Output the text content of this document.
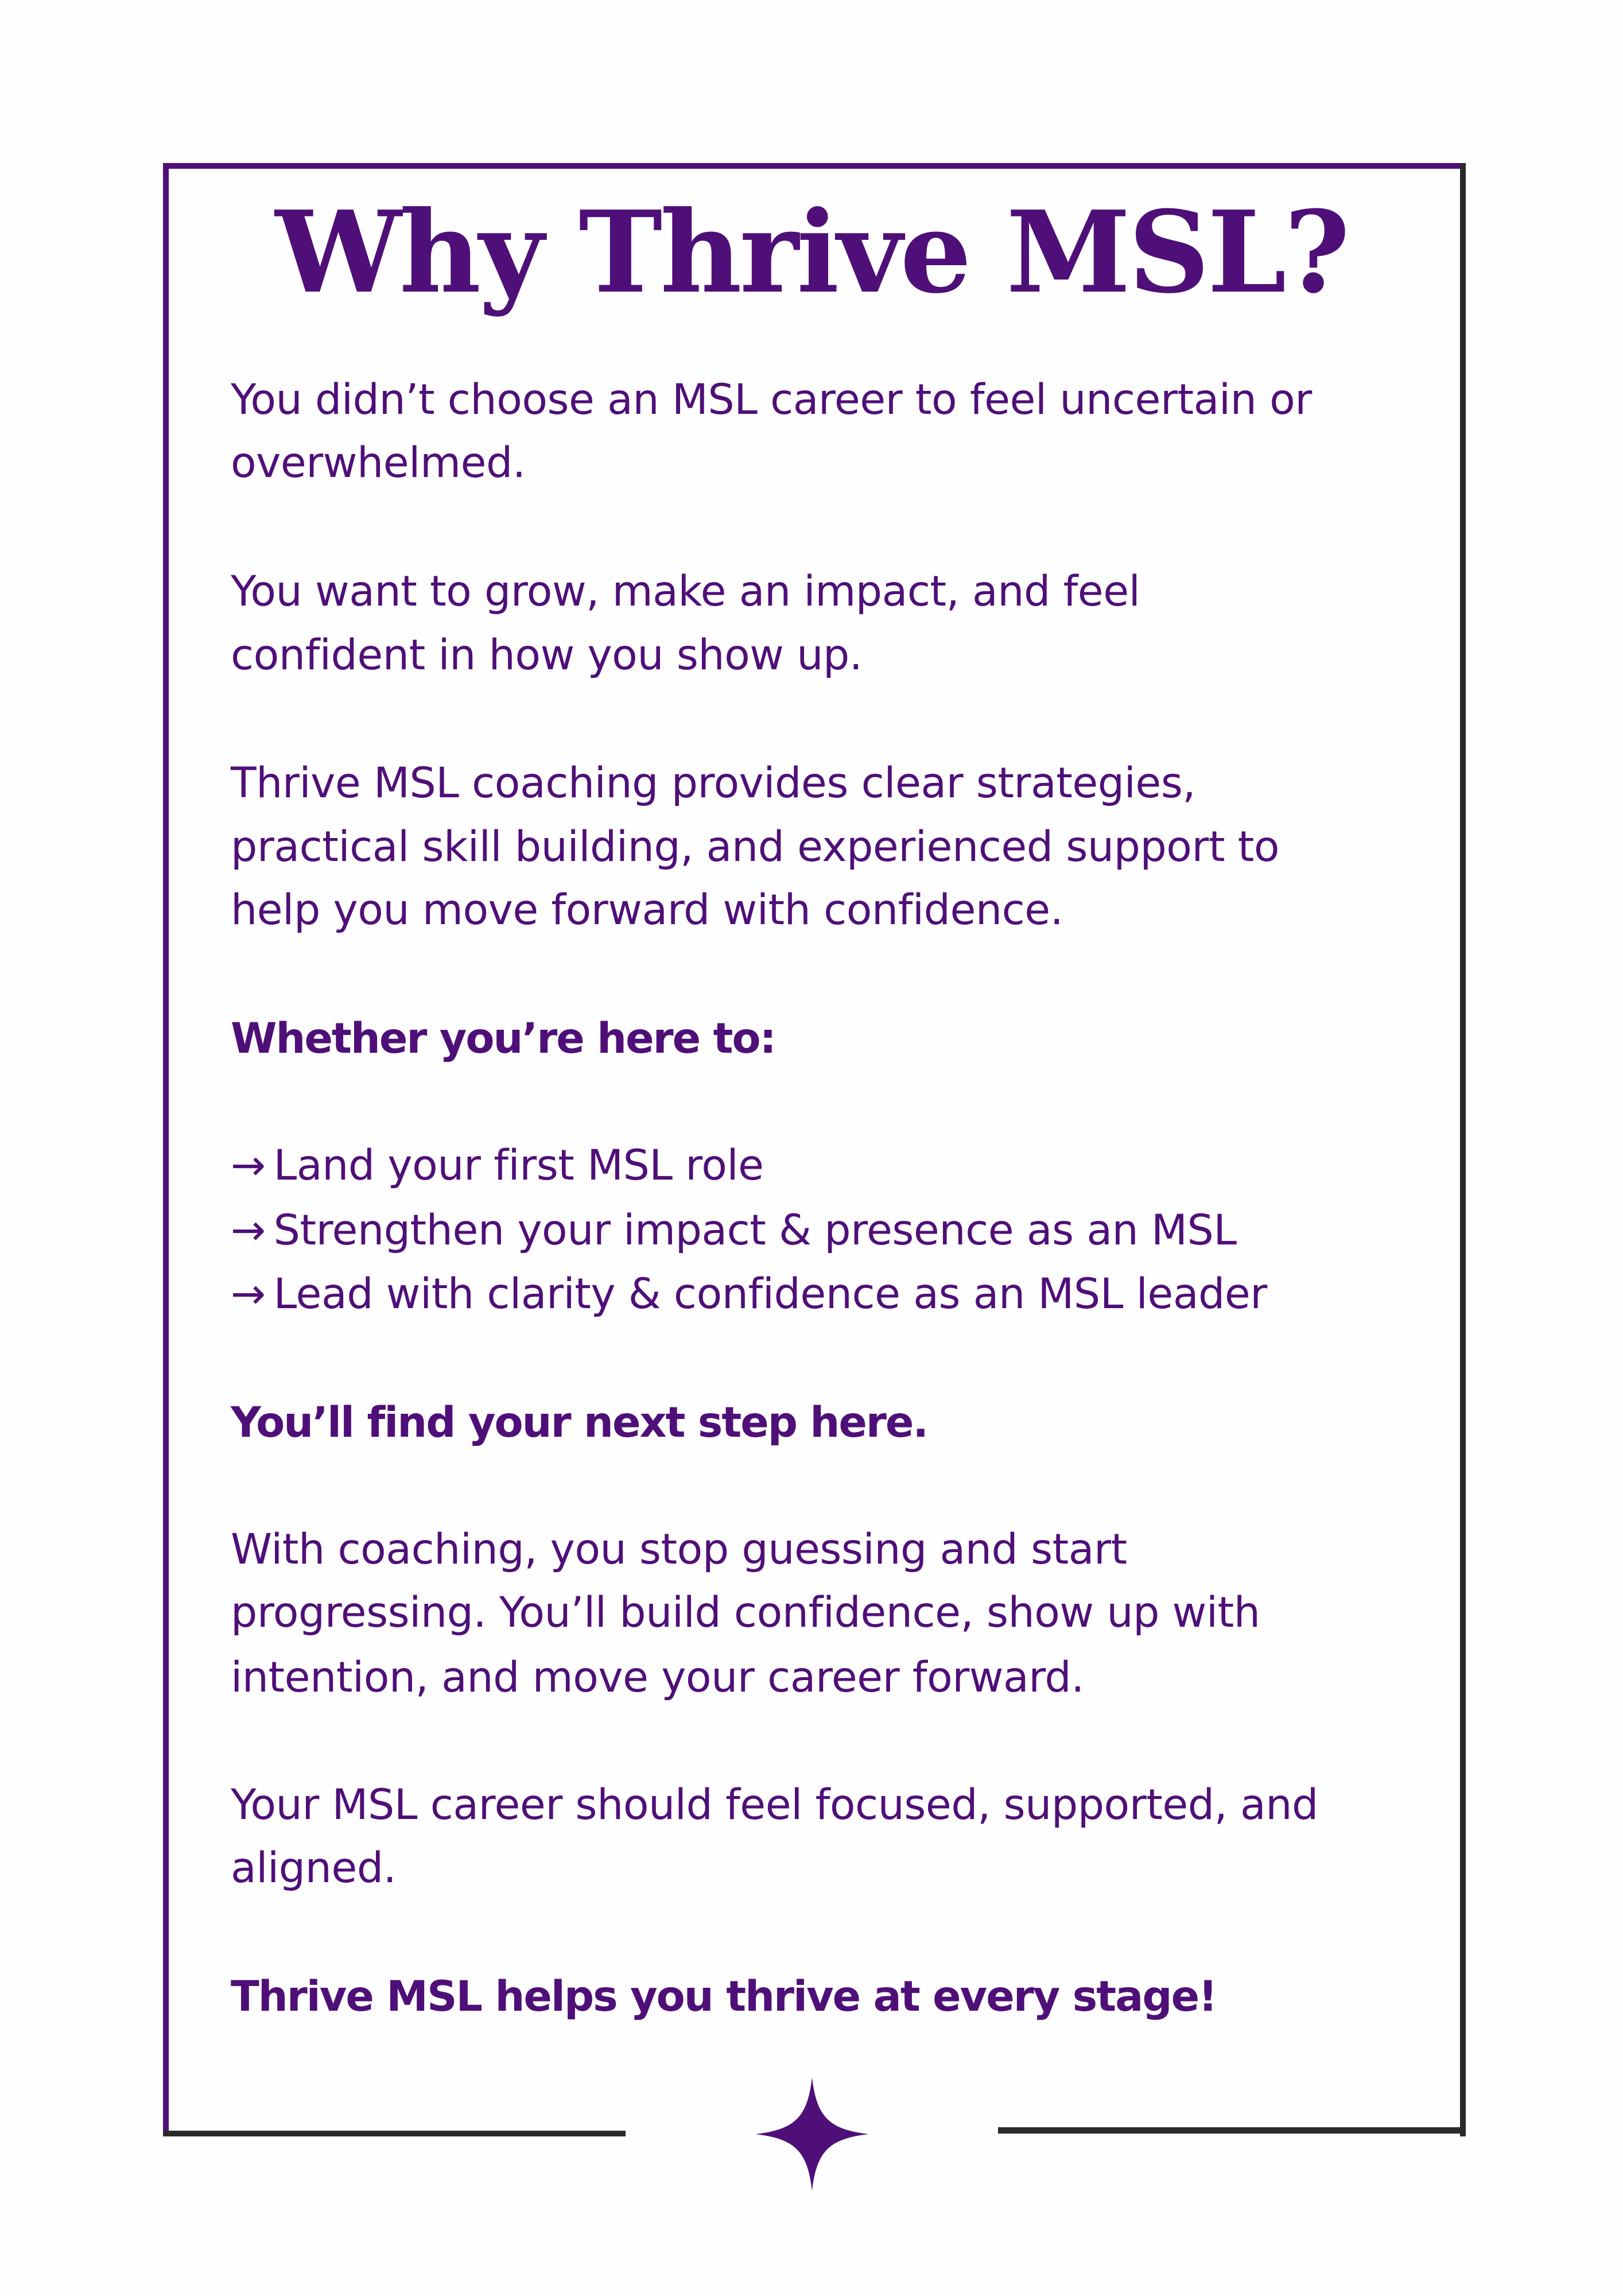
Why Thrive MSL?
You didn’t choose an MSL career to feel uncertain or
overwhelmed.
You want to grow, make an impact, and feel
confident in how you show up.
Thrive MSL coaching provides clear strategies,
practical skill building, and experienced support to
help you move forward with confidence.
Whether you’re here to:
→ Land your first MSL role
→ Strengthen your impact & presence as an MSL
→ Lead with clarity & confidence as an MSL leader
You’ll find your next step here.
With coaching, you stop guessing and start
progressing. You’ll build confidence, show up with
intention, and move your career forward.
Your MSL career should feel focused, supported, and
aligned.
Thrive MSL helps you thrive at every stage!
